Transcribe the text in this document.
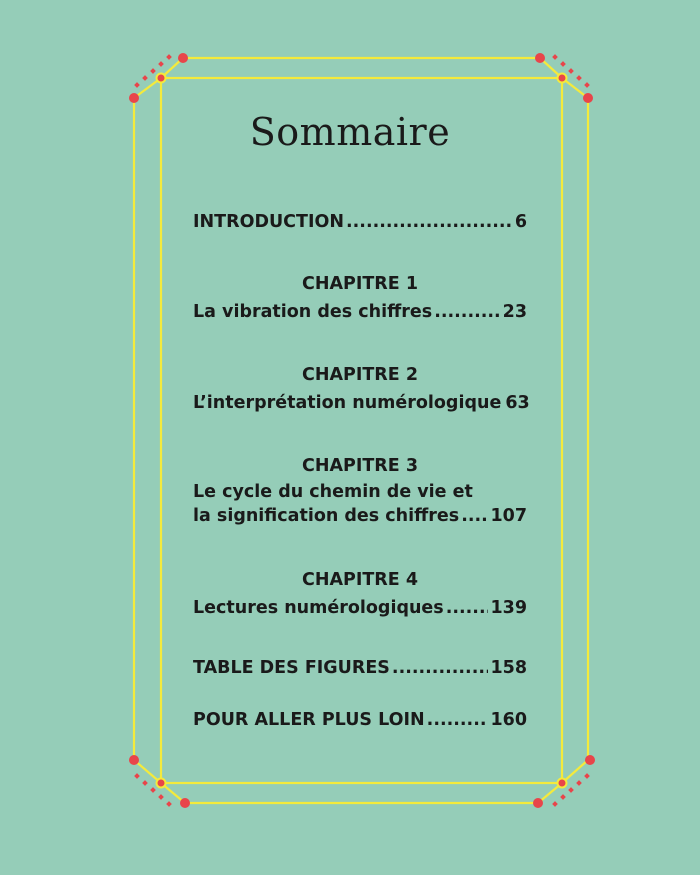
Sommaire
INTRODUCTION .....	6
CHAPITRE 1
La vibration des chiffres .....	23
CHAPITRE 2
L’interprétation numérologique 63
CHAPITRE 3
Le cycle du chemin de vie et
la signification des chiffres ..... 107
CHAPITRE 4
Lectures numérologiques .....	139
TABLE DES FIGURES .....	158
POUR ALLER PLUS LOIN .....	160
